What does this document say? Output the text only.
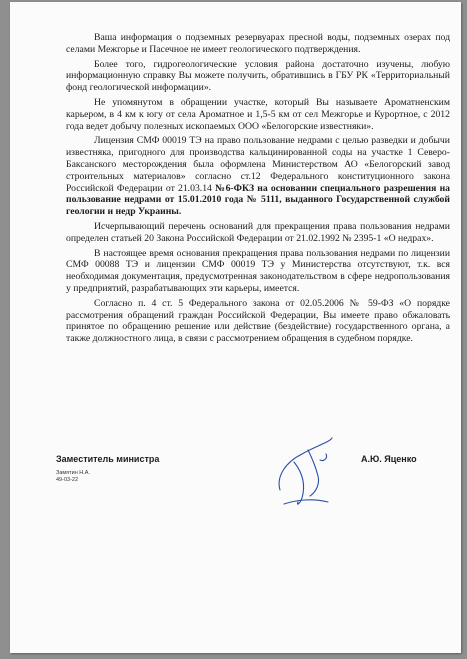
Ваша информация о подземных резервуарах пресной воды, подземных озерах под селами Межгорье и Пасечное не имеет геологического подтверждения.

Более того, гидрогеологические условия района достаточно изучены, любую информационную справку Вы можете получить, обратившись в ГБУ РК «Территориальный фонд геологической информации».

Не упомянутом в обращении участке, который Вы называете Ароматненским карьером, в 4 км к югу от села Ароматное и 1,5-5 км от сел Межгорье и Курортное, с 2012 года ведет добычу полезных ископаемых ООО «Белогорские известняки».

Лицензия СМФ 00019 ТЭ на право пользование недрами с целью разведки и добычи известняка, пригодного для производства кальцинированной соды на участке 1 Северо-Баксанского месторождения была оформлена Министерством АО «Белогорский завод строительных материалов» согласно ст.12 Федерального конституционного закона Российской Федерации от 21.03.14 №6-ФКЗ на основании специального разрешения на пользование недрами от 15.01.2010 года № 5111, выданного Государственной службой геологии и недр Украины.

Исчерпывающий перечень оснований для прекращения права пользования недрами определен статьей 20 Закона Российской Федерации от 21.02.1992 № 2395-1 «О недрах».

В настоящее время основания прекращения права пользования недрами по лицензии СМФ 00088 ТЭ и лицензии СМФ 00019 ТЭ у Министерства отсутствуют, т.к. вся необходимая документация, предусмотренная законодательством в сфере недропользования у предприятий, разрабатывающих эти карьеры, имеется.

Согласно п. 4 ст. 5 Федерального закона от 02.05.2006 № 59-ФЗ «О порядке рассмотрения обращений граждан Российской Федерации, Вы имеете право обжаловать принятое по обращению решение или действие (бездействие) государственного органа, а также должностного лица, в связи с рассмотрением обращения в судебном порядке.

Заместитель министра	А.Ю. Яценко
Замятин Н.А.
49-03-22
